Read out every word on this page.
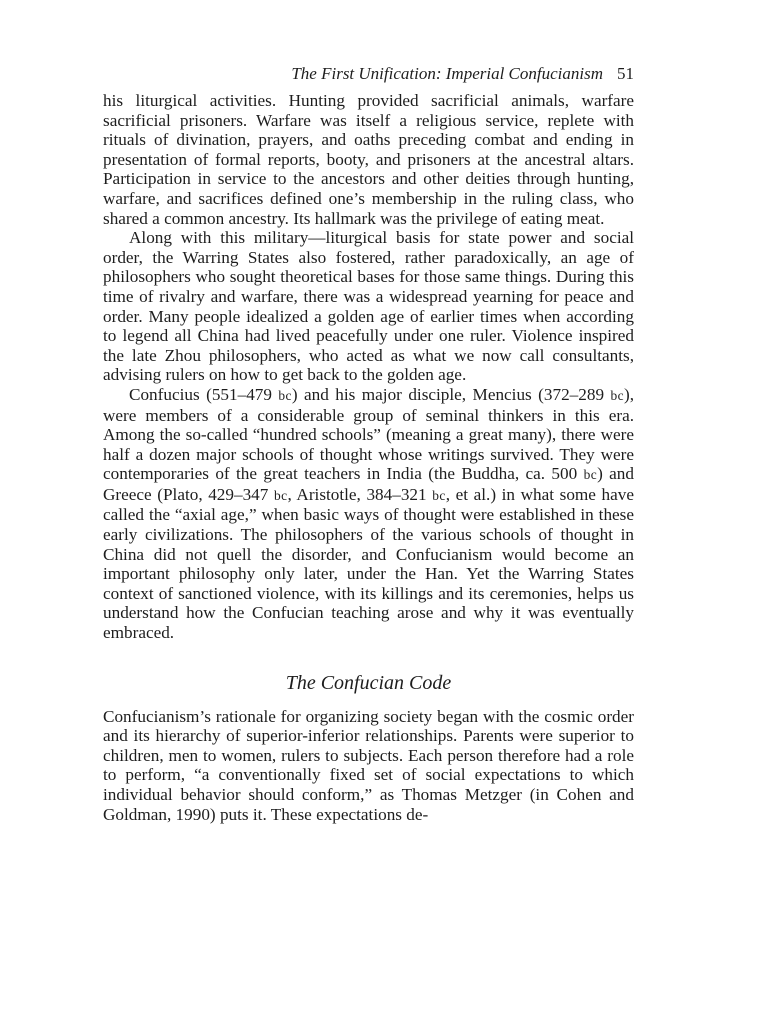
The First Unification: Imperial Confucianism 51

his liturgical activities. Hunting provided sacrificial animals, warfare sacrificial prisoners. Warfare was itself a religious service, replete with rituals of divination, prayers, and oaths preceding combat and ending in presentation of formal reports, booty, and prisoners at the ancestral altars. Participation in service to the ancestors and other deities through hunting, warfare, and sacrifices defined one’s membership in the ruling class, who shared a common ancestry. Its hallmark was the privilege of eating meat.

Along with this military—liturgical basis for state power and social order, the Warring States also fostered, rather paradoxically, an age of philosophers who sought theoretical bases for those same things. During this time of rivalry and warfare, there was a widespread yearning for peace and order. Many people idealized a golden age of earlier times when according to legend all China had lived peacefully under one ruler. Violence inspired the late Zhou philosophers, who acted as what we now call consultants, advising rulers on how to get back to the golden age.

Confucius (551–479 bc) and his major disciple, Mencius (372–289 bc), were members of a considerable group of seminal thinkers in this era. Among the so-called “hundred schools” (meaning a great many), there were half a dozen major schools of thought whose writings survived. They were contemporaries of the great teachers in India (the Buddha, ca. 500 bc) and Greece (Plato, 429–347 bc, Aristotle, 384–321 bc, et al.) in what some have called the “axial age,” when basic ways of thought were established in these early civilizations. The philosophers of the various schools of thought in China did not quell the disorder, and Confucianism would become an important philosophy only later, under the Han. Yet the Warring States context of sanctioned violence, with its killings and its ceremonies, helps us understand how the Confucian teaching arose and why it was eventually embraced.

The Confucian Code

Confucianism’s rationale for organizing society began with the cosmic order and its hierarchy of superior-inferior relationships. Parents were superior to children, men to women, rulers to subjects. Each person therefore had a role to perform, “a conventionally fixed set of social expectations to which individual behavior should conform,” as Thomas Metzger (in Cohen and Goldman, 1990) puts it. These expectations de-
